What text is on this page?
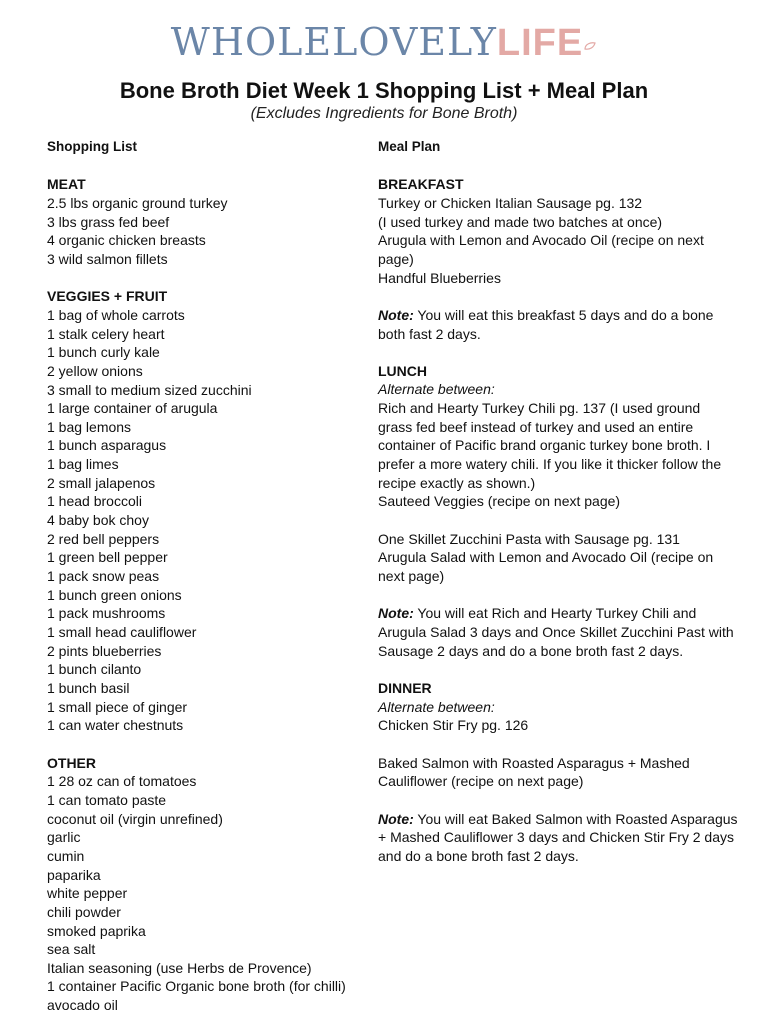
WHOLELOVELYLIFE
Bone Broth Diet Week 1 Shopping List + Meal Plan
(Excludes Ingredients for Bone Broth)
Shopping List
MEAT
2.5 lbs organic ground turkey
3 lbs grass fed beef
4 organic chicken breasts
3 wild salmon fillets
VEGGIES + FRUIT
1 bag of whole carrots
1 stalk celery heart
1 bunch curly kale
2 yellow onions
3 small to medium sized zucchini
1 large container of arugula
1 bag lemons
1 bunch asparagus
1 bag limes
2 small jalapenos
1 head broccoli
4 baby bok choy
2 red bell peppers
1 green bell pepper
1 pack snow peas
1 bunch green onions
1 pack mushrooms
1 small head cauliflower
2 pints blueberries
1 bunch cilanto
1 bunch basil
1 small piece of ginger
1 can water chestnuts
OTHER
1 28 oz can of tomatoes
1 can tomato paste
coconut oil (virgin unrefined)
garlic
cumin
paparika
white pepper
chili powder
smoked paprika
sea salt
Italian seasoning (use Herbs de Provence)
1 container Pacific Organic bone broth (for chilli)
avocado oil
Meal Plan
BREAKFAST
Turkey or Chicken Italian Sausage pg. 132
(I used turkey and made two batches at once)
Arugula with Lemon and Avocado Oil (recipe on next page)
Handful Blueberries
Note: You will eat this breakfast 5 days and do a bone both fast 2 days.
LUNCH
Alternate between:
Rich and Hearty Turkey Chili pg. 137 (I used ground grass fed beef instead of turkey and used an entire container of Pacific brand organic turkey bone broth. I prefer a more watery chili. If you like it thicker follow the recipe exactly as shown.)
Sauteed Veggies (recipe on next page)
One Skillet Zucchini Pasta with Sausage pg. 131
Arugula Salad with Lemon and Avocado Oil (recipe on next page)
Note: You will eat Rich and Hearty Turkey Chili and Arugula Salad 3 days and Once Skillet Zucchini Past with Sausage 2 days and do a bone broth fast 2 days.
DINNER
Alternate between:
Chicken Stir Fry pg. 126
Baked Salmon with Roasted Asparagus + Mashed Cauliflower (recipe on next page)
Note: You will eat Baked Salmon with Roasted Asparagus + Mashed Cauliflower 3 days and Chicken Stir Fry 2 days and do a bone broth fast 2 days.
